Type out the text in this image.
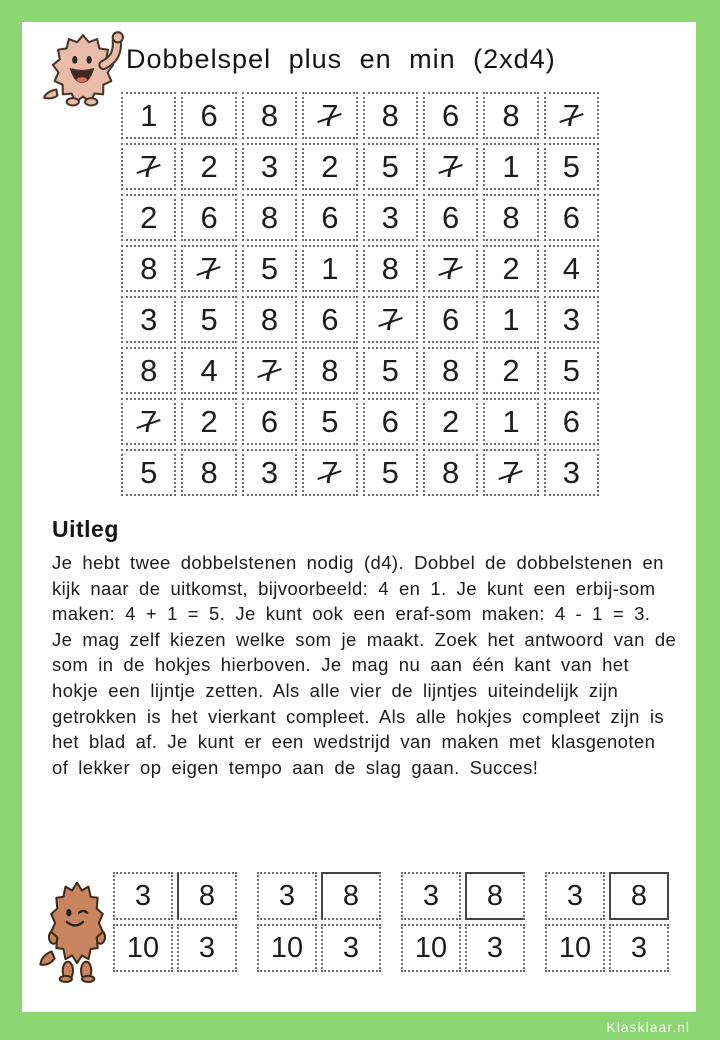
Dobbelspel plus en min (2xd4)
1 6 8 7 8 6 8 7
7 2 3 2 5 7 1 5
2 6 8 6 3 6 8 6
8 7 5 1 8 7 2 4
3 5 8 6 7 6 1 3
8 4 7 8 5 8 2 5
7 2 6 5 6 2 1 6
5 8 3 7 5 8 7 3
Uitleg

Je hebt twee dobbelstenen nodig (d4). Dobbel de dobbelstenen en kijk naar de uitkomst, bijvoorbeeld: 4 en 1. Je kunt een erbij-som maken: 4 + 1 = 5. Je kunt ook een eraf-som maken: 4 - 1 = 3. Je mag zelf kiezen welke som je maakt. Zoek het antwoord van de som in de hokjes hierboven. Je mag nu aan één kant van het hokje een lijntje zetten. Als alle vier de lijntjes uiteindelijk zijn getrokken is het vierkant compleet. Als alle hokjes compleet zijn is het blad af. Je kunt er een wedstrijd van maken met klasgenoten of lekker op eigen tempo aan de slag gaan. Succes!

3 8
10 3
3 8
10 3
3 8
10 3
3 8
10 3
Klasklaar.nl
